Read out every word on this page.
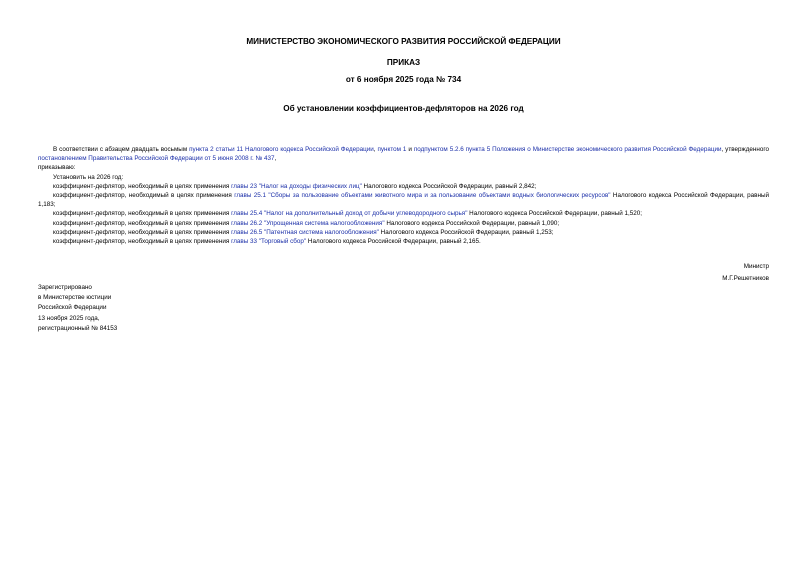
МИНИСТЕРСТВО ЭКОНОМИЧЕСКОГО РАЗВИТИЯ РОССИЙСКОЙ ФЕДЕРАЦИИ
ПРИКАЗ
от 6 ноября 2025 года № 734
Об установлении коэффициентов-дефляторов на 2026 год

В соответствии с абзацем двадцать восьмым пункта 2 статьи 11 Налогового кодекса Российской Федерации, пунктом 1 и подпунктом 5.2.6 пункта 5 Положения о Министерстве экономического развития Российской Федерации, утвержденного постановлением Правительства Российской Федерации от 5 июня 2008 г. № 437,

приказываю:

Установить на 2026 год:

коэффициент-дефлятор, необходимый в целях применения главы 23 "Налог на доходы физических лиц" Налогового кодекса Российской Федерации, равный 2,842;

коэффициент-дефлятор, необходимый в целях применения главы 25.1 "Сборы за пользование объектами животного мира и за пользование объектами водных биологических ресурсов" Налогового кодекса Российской Федерации, равный 1,183;

коэффициент-дефлятор, необходимый в целях применения главы 25.4 "Налог на дополнительный доход от добычи углеводородного сырья" Налогового кодекса Российской Федерации, равный 1,520;

коэффициент-дефлятор, необходимый в целях применения главы 26.2 "Упрощенная система налогообложения" Налогового кодекса Российской Федерации, равный 1,090;

коэффициент-дефлятор, необходимый в целях применения главы 26.5 "Патентная система налогообложения" Налогового кодекса Российской Федерации, равный 1,253;

коэффициент-дефлятор, необходимый в целях применения главы 33 "Торговый сбор" Налогового кодекса Российской Федерации, равный 2,165.

Министр
М.Г.Решетников
Зарегистрировано
в Министерстве юстиции
Российской Федерации
13 ноября 2025 года,
регистрационный № 84153
